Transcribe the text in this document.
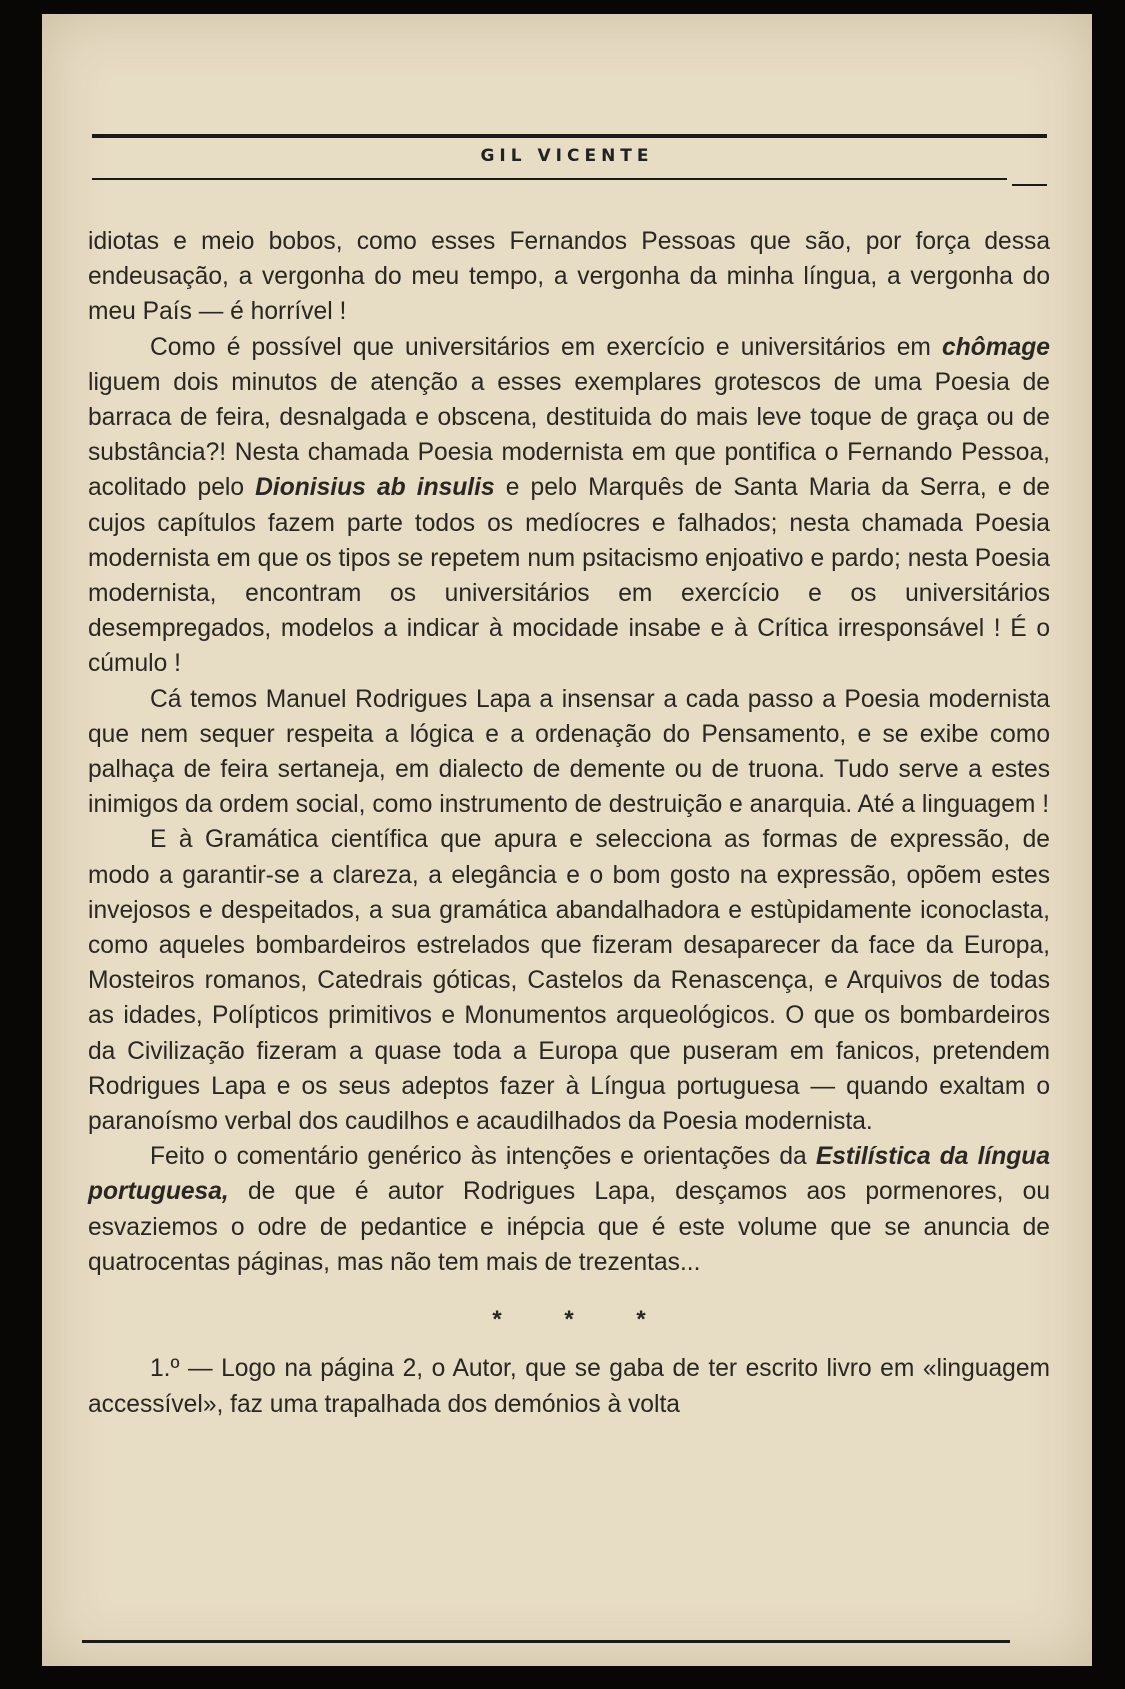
GIL VICENTE

idiotas e meio bobos, como esses Fernandos Pessoas que são, por força dessa endeusação, a vergonha do meu tempo, a vergonha da minha língua, a vergonha do meu País — é horrível !

Como é possível que universitários em exercício e universitários em chômage liguem dois minutos de atenção a esses exemplares grotescos de uma Poesia de barraca de feira, desnalgada e obscena, destituida do mais leve toque de graça ou de substância?! Nesta chamada Poesia modernista em que pontifica o Fernando Pessoa, acolitado pelo Dionisius ab insulis e pelo Marquês de Santa Maria da Serra, e de cujos capítulos fazem parte todos os medíocres e falhados; nesta chamada Poesia modernista em que os tipos se repetem num psitacismo enjoativo e pardo; nesta Poesia modernista, encontram os universitários em exercício e os universitários desempregados, modelos a indicar à mocidade insabe e à Crítica irresponsável ! É o cúmulo !

Cá temos Manuel Rodrigues Lapa a insensar a cada passo a Poesia modernista que nem sequer respeita a lógica e a ordenação do Pensamento, e se exibe como palhaça de feira sertaneja, em dialecto de demente ou de truona. Tudo serve a estes inimigos da ordem social, como instrumento de destruição e anarquia. Até a linguagem !

E à Gramática científica que apura e selecciona as formas de expressão, de modo a garantir-se a clareza, a elegância e o bom gosto na expressão, opõem estes invejosos e despeitados, a sua gramática abandalhadora e estùpidamente iconoclasta, como aqueles bombardeiros estrelados que fizeram desaparecer da face da Europa, Mosteiros romanos, Catedrais góticas, Castelos da Renascença, e Arquivos de todas as idades, Polípticos primitivos e Monumentos arqueológicos. O que os bombardeiros da Civilização fizeram a quase toda a Europa que puseram em fanicos, pretendem Rodrigues Lapa e os seus adeptos fazer à Língua portuguesa — quando exaltam o paranoísmo verbal dos caudilhos e acaudilhados da Poesia modernista.

Feito o comentário genérico às intenções e orientações da Estilística da língua portuguesa, de que é autor Rodrigues Lapa, desçamos aos pormenores, ou esvaziemos o odre de pedantice e inépcia que é este volume que se anuncia de quatrocentas páginas, mas não tem mais de trezentas...

* * *

1.º — Logo na página 2, o Autor, que se gaba de ter escrito livro em «linguagem accessível», faz uma trapalhada dos demónios à volta
